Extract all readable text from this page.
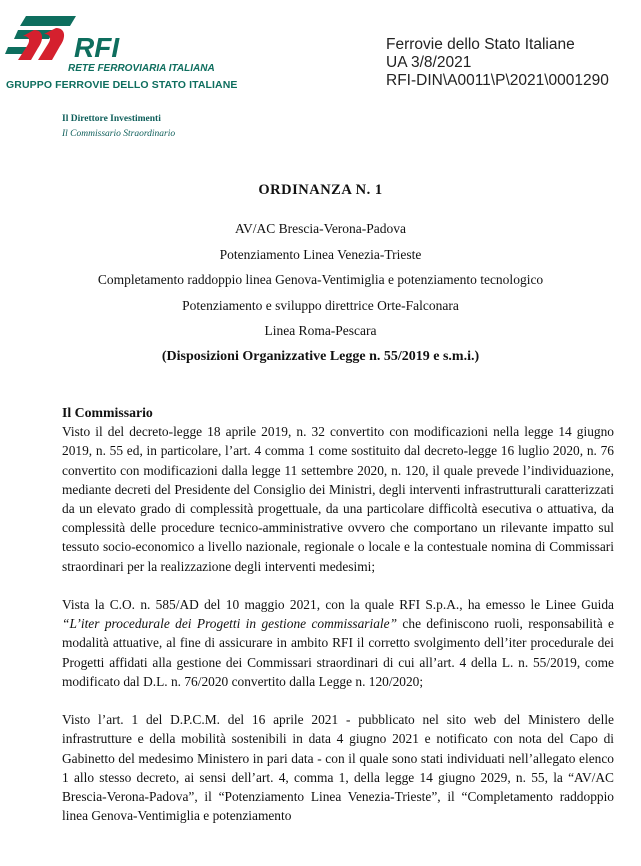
RFI
RETE FERROVIARIA ITALIANA
GRUPPO FERROVIE DELLO STATO ITALIANE
Ferrovie dello Stato Italiane
UA 3/8/2021
RFI-DIN\A0011\P\2021\0001290
Il Direttore Investimenti
Il Commissario Straordinario
ORDINANZA N. 1
AV/AC Brescia-Verona-Padova
Potenziamento Linea Venezia-Trieste
Completamento raddoppio linea Genova-Ventimiglia e potenziamento tecnologico
Potenziamento e sviluppo direttrice Orte-Falconara
Linea Roma-Pescara
(Disposizioni Organizzative Legge n. 55/2019 e s.m.i.)
Il Commissario

Visto il del decreto-legge 18 aprile 2019, n. 32 convertito con modificazioni nella legge 14 giugno 2019, n. 55 ed, in particolare, l’art. 4 comma 1 come sostituito dal decreto-legge 16 luglio 2020, n. 76 convertito con modificazioni dalla legge 11 settembre 2020, n. 120, il quale prevede l’individuazione, mediante decreti del Presidente del Consiglio dei Ministri, degli interventi infrastrutturali caratterizzati da un elevato grado di complessità progettuale, da una particolare difficoltà esecutiva o attuativa, da complessità delle procedure tecnico-amministrative ovvero che comportano un rilevante impatto sul tessuto socio-economico a livello nazionale, regionale o locale e la contestuale nomina di Commissari straordinari per la realizzazione degli interventi medesimi;

Vista la C.O. n. 585/AD del 10 maggio 2021, con la quale RFI S.p.A., ha emesso le Linee Guida “L’iter procedurale dei Progetti in gestione commissariale” che definiscono ruoli, responsabilità e modalità attuative, al fine di assicurare in ambito RFI il corretto svolgimento dell’iter procedurale dei Progetti affidati alla gestione dei Commissari straordinari di cui all’art. 4 della L. n. 55/2019, come modificato dal D.L. n. 76/2020 convertito dalla Legge n. 120/2020;

Visto l’art. 1 del D.P.C.M. del 16 aprile 2021 - pubblicato nel sito web del Ministero delle infrastrutture e della mobilità sostenibili in data 4 giugno 2021 e notificato con nota del Capo di Gabinetto del medesimo Ministero in pari data - con il quale sono stati individuati nell’allegato elenco 1 allo stesso decreto, ai sensi dell’art. 4, comma 1, della legge 14 giugno 2029, n. 55, la “AV/AC Brescia-Verona-Padova”, il “Potenziamento Linea Venezia-Trieste”, il “Completamento raddoppio linea Genova-Ventimiglia e potenziamento
